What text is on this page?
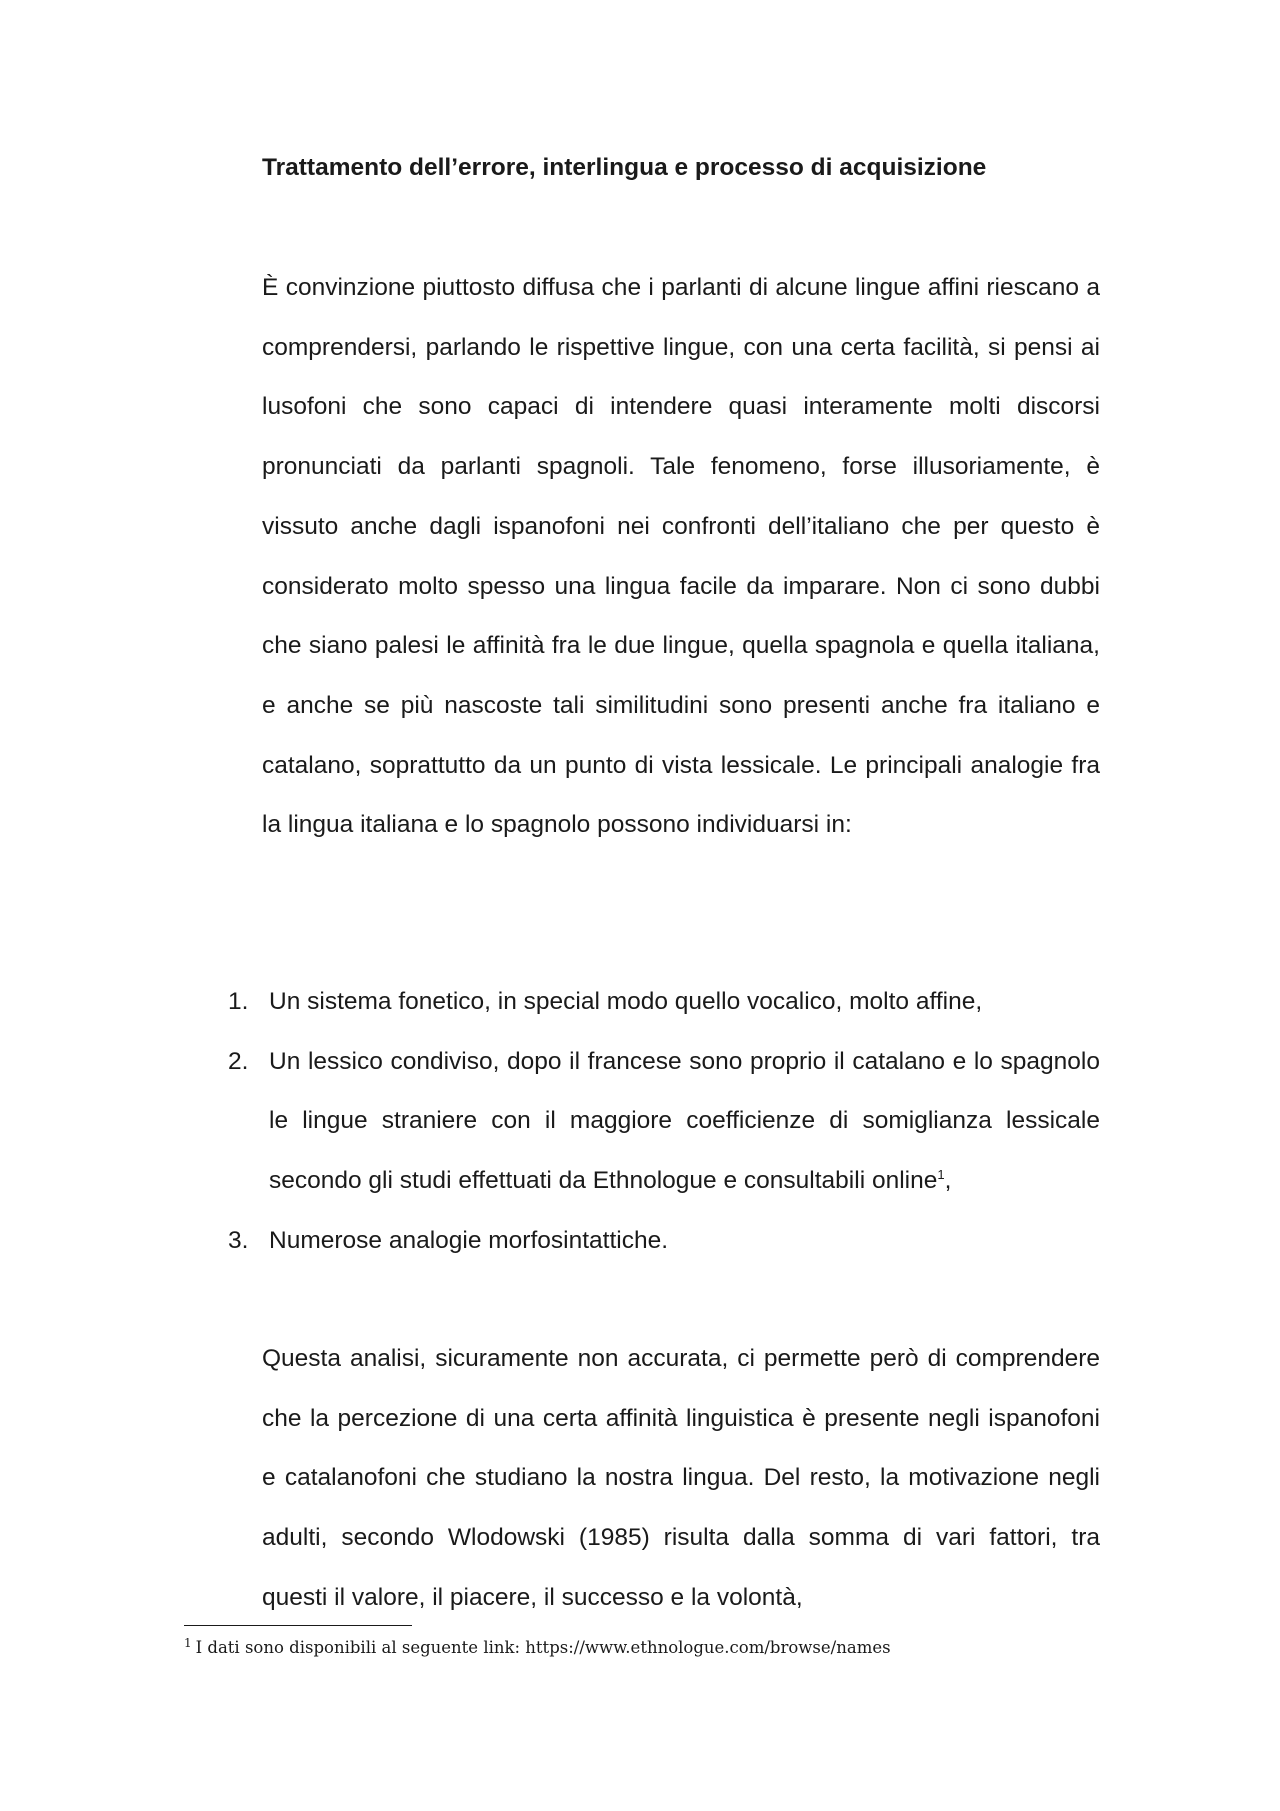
Trattamento dell’errore, interlingua e processo di acquisizione

È convinzione piuttosto diffusa che i parlanti di alcune lingue affini riescano a comprendersi, parlando le rispettive lingue, con una certa facilità, si pensi ai lusofoni che sono capaci di intendere quasi interamente molti discorsi pronunciati da parlanti spagnoli. Tale fenomeno, forse illusoriamente, è vissuto anche dagli ispanofoni nei confronti dell’italiano che per questo è considerato molto spesso una lingua facile da imparare. Non ci sono dubbi che siano palesi le affinità fra le due lingue, quella spagnola e quella italiana, e anche se più nascoste tali similitudini sono presenti anche fra italiano e catalano, soprattutto da un punto di vista lessicale. Le principali analogie fra la lingua italiana e lo spagnolo possono individuarsi in:

1. Un sistema fonetico, in special modo quello vocalico, molto affine,
2. Un lessico condiviso, dopo il francese sono proprio il catalano e lo spagnolo le lingue straniere con il maggiore coefficienze di somiglianza lessicale secondo gli studi effettuati da Ethnologue e consultabili online$^1$,
3. Numerose analogie morfosintattiche.

Questa analisi, sicuramente non accurata, ci permette però di comprendere che la percezione di una certa affinità linguistica è presente negli ispanofoni e catalanofoni che studiano la nostra lingua. Del resto, la motivazione negli adulti, secondo Wlodowski (1985) risulta dalla somma di vari fattori, tra questi il valore, il piacere, il successo e la volontà,

$^1$ I dati sono disponibili al seguente link: https://www.ethnologue.com/browse/names
